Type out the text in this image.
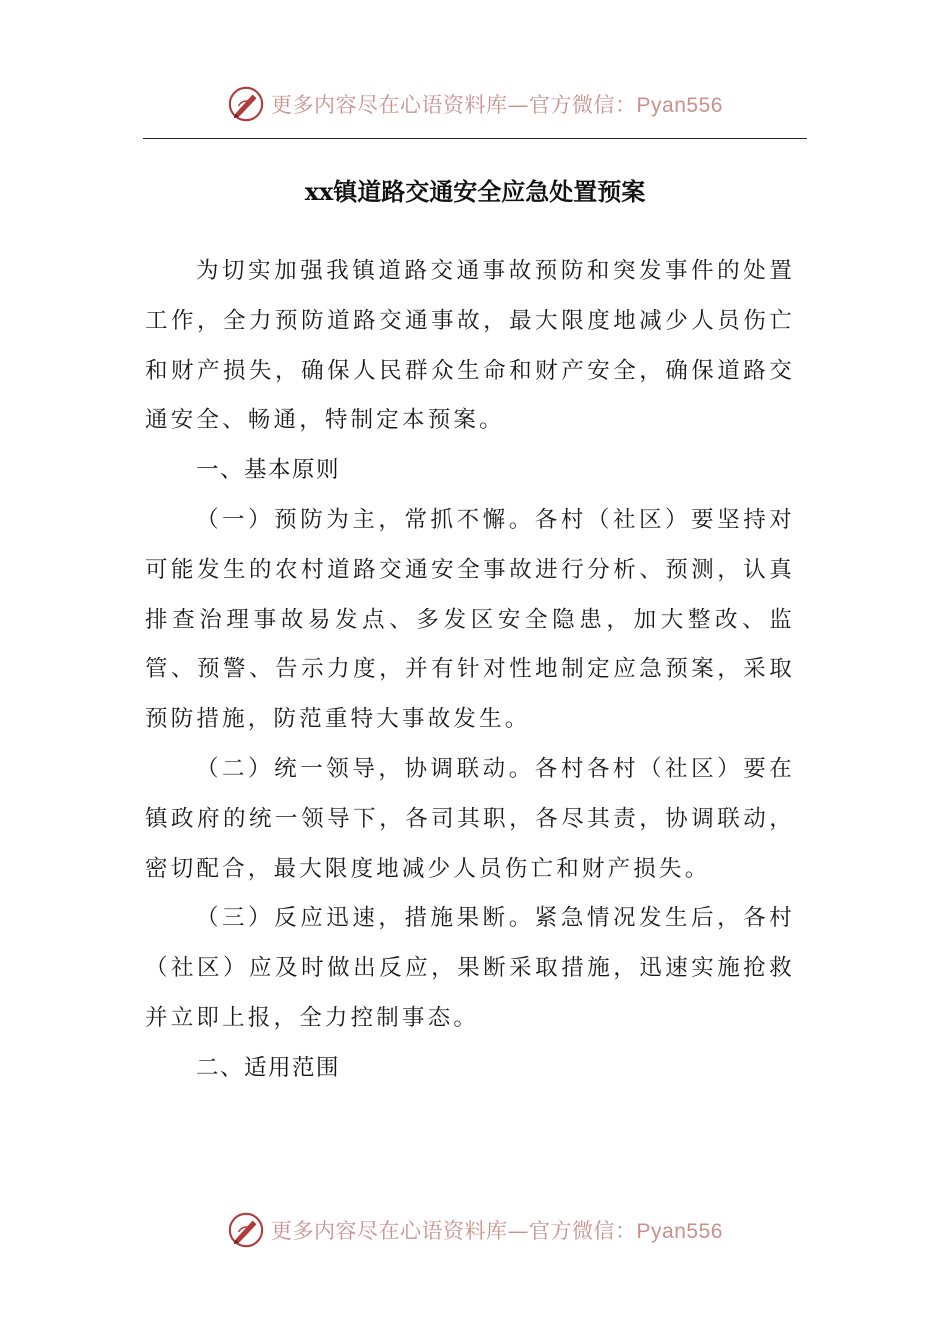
更多内容尽在心语资料库—官方微信：Pyan556
xx镇道路交通安全应急处置预案

为切实加强我镇道路交通事故预防和突发事件的处置工作，全力预防道路交通事故，最大限度地减少人员伤亡和财产损失，确保人民群众生命和财产安全，确保道路交通安全、畅通，特制定本预案。

一、基本原则

（一）预防为主，常抓不懈。各村（社区）要坚持对可能发生的农村道路交通安全事故进行分析、预测，认真排查治理事故易发点、多发区安全隐患，加大整改、监管、预警、告示力度，并有针对性地制定应急预案，采取预防措施，防范重特大事故发生。

（二）统一领导，协调联动。各村各村（社区）要在镇政府的统一领导下，各司其职，各尽其责，协调联动，密切配合，最大限度地减少人员伤亡和财产损失。

（三）反应迅速，措施果断。紧急情况发生后，各村（社区）应及时做出反应，果断采取措施，迅速实施抢救并立即上报，全力控制事态。

二、适用范围

更多内容尽在心语资料库—官方微信：Pyan556
